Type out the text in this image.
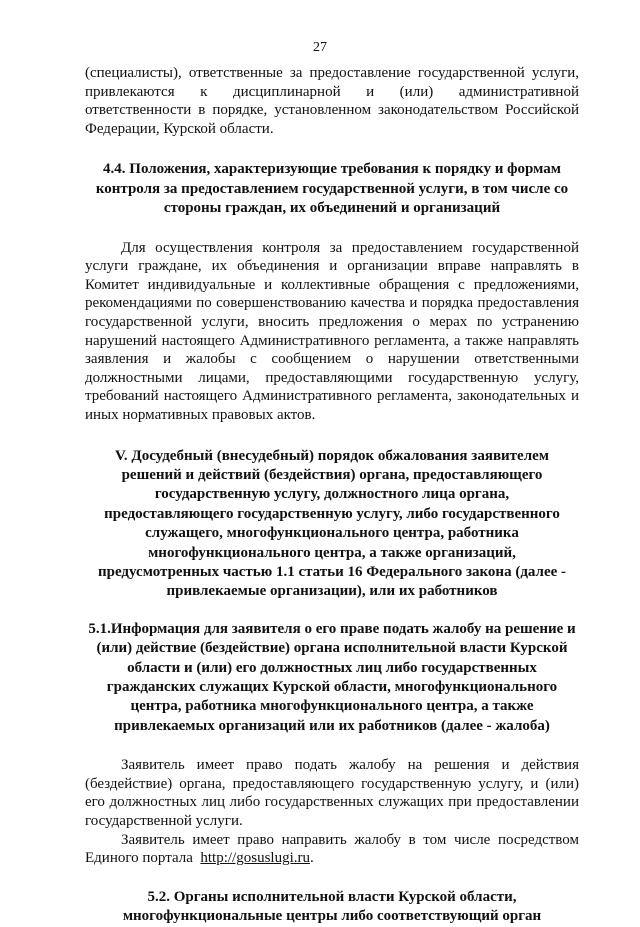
27

(специалисты), ответственные за предоставление государственной услуги, привлекаются к дисциплинарной и (или) административной ответственности в порядке, установленном законодательством Российской Федерации, Курской области.

4.4. Положения, характеризующие требования к порядку и формам контроля за предоставлением государственной услуги, в том числе со стороны граждан, их объединений и организаций

Для осуществления контроля за предоставлением государственной услуги граждане, их объединения и организации вправе направлять в Комитет индивидуальные и коллективные обращения с предложениями, рекомендациями по совершенствованию качества и порядка предоставления государственной услуги, вносить предложения о мерах по устранению нарушений настоящего Административного регламента, а также направлять заявления и жалобы с сообщением о нарушении ответственными должностными лицами, предоставляющими государственную услугу, требований настоящего Административного регламента, законодательных и иных нормативных правовых актов.

V. Досудебный (внесудебный) порядок обжалования заявителем решений и действий (бездействия) органа, предоставляющего государственную услугу, должностного лица органа, предоставляющего государственную услугу, либо государственного служащего, многофункционального центра, работника многофункционального центра, а также организаций, предусмотренных частью 1.1 статьи 16 Федерального закона (далее - привлекаемые организации), или их работников
5.1.Информация для заявителя о его праве подать жалобу на решение и (или) действие (бездействие) органа исполнительной власти Курской области и (или) его должностных лиц либо государственных гражданских служащих Курской области, многофункционального центра, работника многофункционального центра, а также привлекаемых организаций или их работников (далее - жалоба)

Заявитель имеет право подать жалобу на решения и действия (бездействие) органа, предоставляющего государственную услугу, и (или) его должностных лиц либо государственных служащих при предоставлении государственной услуги.

Заявитель имеет право направить жалобу в том числе посредством Единого портала http://gosuslugi.ru.

5.2. Органы исполнительной власти Курской области, многофункциональные центры либо соответствующий орган
